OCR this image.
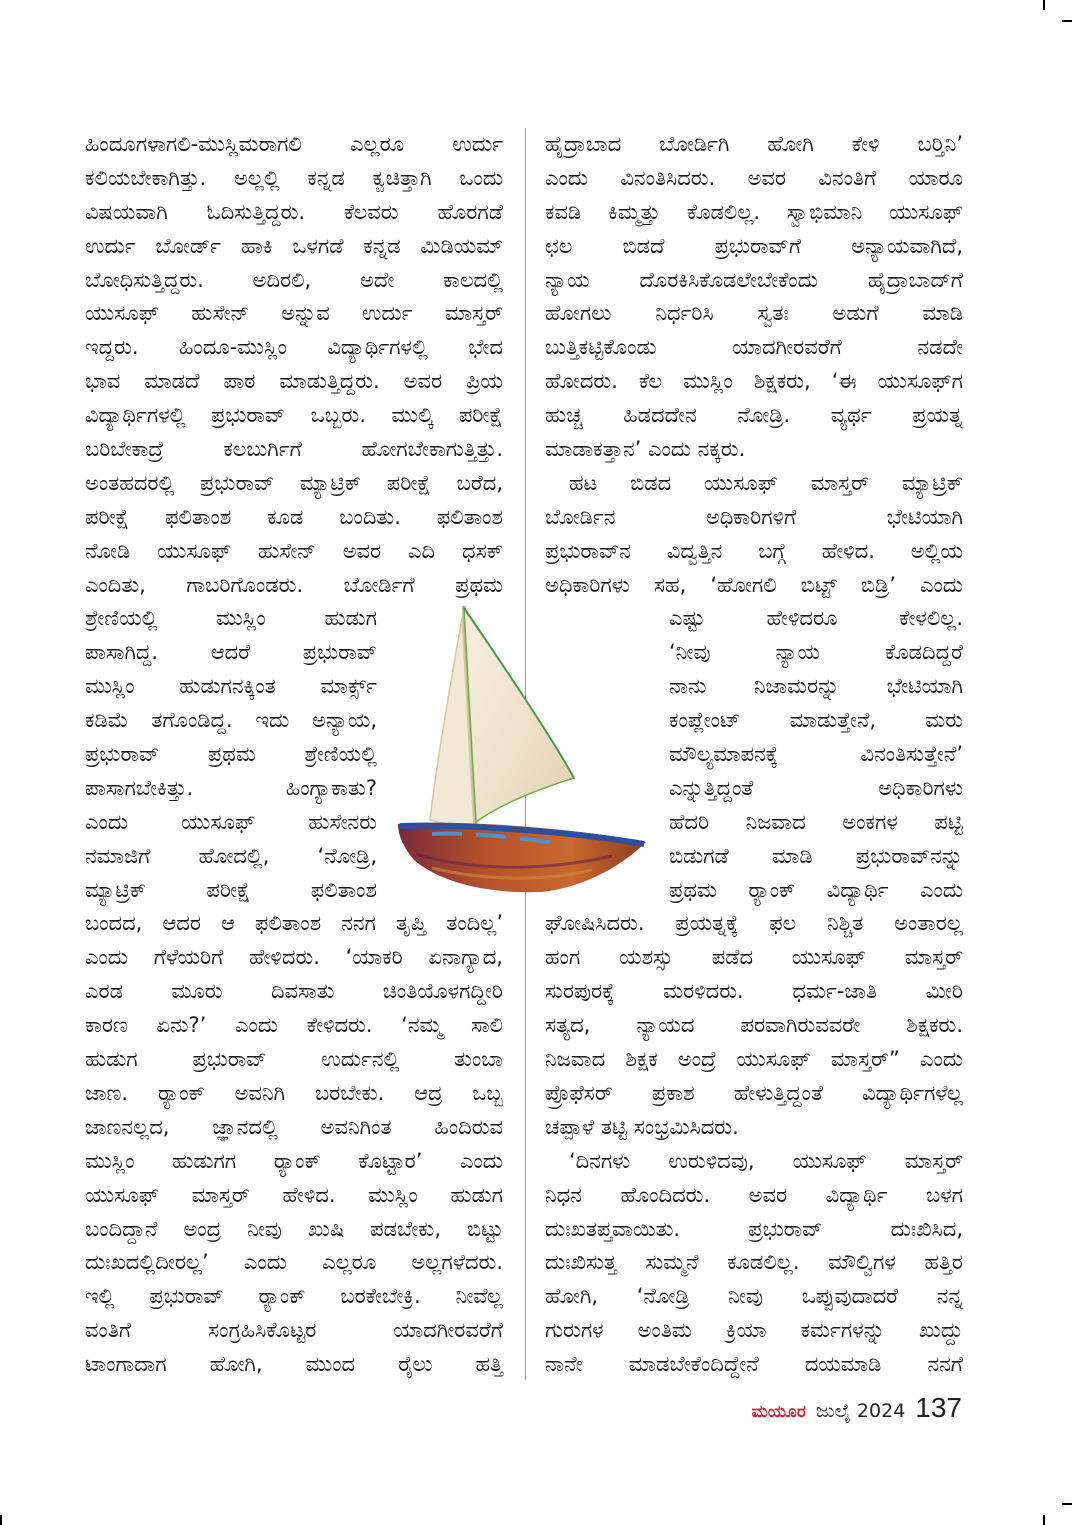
ಹಿಂದೂಗಳಾಗಲಿ-ಮುಸ್ಲಿಮರಾಗಲಿ ಎಲ್ಲರೂ ಉರ್ದು
ಕಲಿಯಬೇಕಾಗಿತ್ತು. ಅಲ್ಲಲ್ಲಿ ಕನ್ನಡ ಕ್ವಚಿತ್ತಾಗಿ ಒಂದು
ವಿಷಯವಾಗಿ ಓದಿಸುತ್ತಿದ್ದರು. ಕೆಲವರು ಹೊರಗಡೆ
ಉರ್ದು ಬೋರ್ಡ್ ಹಾಕಿ ಒಳಗಡೆ ಕನ್ನಡ ಮಿಡಿಯಮ್
ಬೋಧಿಸುತ್ತಿದ್ದರು. ಅದಿರಲಿ, ಅದೇ ಕಾಲದಲ್ಲಿ
ಯುಸೂಫ್ ಹುಸೇನ್ ಅನ್ನುವ ಉರ್ದು ಮಾಸ್ತರ್
ಇದ್ದರು. ಹಿಂದೂ-ಮುಸ್ಲಿಂ ವಿದ್ಯಾರ್ಥಿಗಳಲ್ಲಿ ಭೇದ
ಭಾವ ಮಾಡದೆ ಪಾಠ ಮಾಡುತ್ತಿದ್ದರು. ಅವರ ಪ್ರಿಯ
ವಿದ್ಯಾರ್ಥಿಗಳಲ್ಲಿ ಪ್ರಭುರಾವ್ ಒಬ್ಬರು. ಮುಲ್ಕಿ ಪರೀಕ್ಷೆ
ಬರಿಬೇಕಾದ್ರೆ ಕಲಬುರ್ಗಿಗೆ ಹೋಗಬೇಕಾಗುತ್ತಿತ್ತು.
ಅಂತಹದರಲ್ಲಿ ಪ್ರಭುರಾವ್ ಮ್ಯಾಟ್ರಿಕ್ ಪರೀಕ್ಷೆ ಬರೆದ,
ಪರೀಕ್ಷೆ ಫಲಿತಾಂಶ ಕೂಡ ಬಂದಿತು. ಫಲಿತಾಂಶ
ನೋಡಿ ಯುಸೂಫ್ ಹುಸೇನ್ ಅವರ ಎದಿ ಧಸಕ್
ಎಂದಿತು, ಗಾಬರಿಗೊಂಡರು. ಬೋರ್ಡಿಗೆ ಪ್ರಥಮ
ಶ್ರೇಣಿಯಲ್ಲಿ ಮುಸ್ಲಿಂ ಹುಡುಗ
ಪಾಸಾಗಿದ್ದ. ಆದರೆ ಪ್ರಭುರಾವ್
ಮುಸ್ಲಿಂ ಹುಡುಗನಕ್ಕಿಂತ ಮಾರ್ಕ್ಸ್
ಕಡಿಮೆ ತಗೊಂಡಿದ್ದ. ಇದು ಅನ್ಯಾಯ,
ಪ್ರಭುರಾವ್ ಪ್ರಥಮ ಶ್ರೇಣಿಯಲ್ಲಿ
ಪಾಸಾಗಬೇಕಿತ್ತು. ಹಿಂಗ್ಯಾಕಾತು?
ಎಂದು ಯುಸೂಫ್ ಹುಸೇನರು
ನಮಾಜಿಗೆ ಹೋದಲ್ಲಿ, ‘ನೋಡ್ರಿ,
ಮ್ಯಾಟ್ರಿಕ್ ಪರೀಕ್ಷೆ ಫಲಿತಾಂಶ
ಬಂದದ, ಆದರ ಆ ಫಲಿತಾಂಶ ನನಗ ತೃಪ್ತಿ ತಂದಿಲ್ಲ’
ಎಂದು ಗೆಳೆಯರಿಗೆ ಹೇಳಿದರು. ‘ಯಾಕರಿ ಏನಾಗ್ಯಾದ,
ಎರಡ ಮೂರು ದಿವಸಾತು ಚಿಂತಿಯೊಳಗದ್ದೀರಿ
ಕಾರಣ ಏನು?’ ಎಂದು ಕೇಳಿದರು. ‘ನಮ್ಮ ಸಾಲಿ
ಹುಡುಗ ಪ್ರಭುರಾವ್ ಉರ್ದುನಲ್ಲಿ ತುಂಬಾ
ಜಾಣ. ರ್‍ಯಾಂಕ್ ಅವನಿಗಿ ಬರಬೇಕು. ಆದ್ರ ಒಬ್ಬ
ಜಾಣನಲ್ಲದ, ಜ್ಞಾನದಲ್ಲಿ ಅವನಿಗಿಂತ ಹಿಂದಿರುವ
ಮುಸ್ಲಿಂ ಹುಡುಗಗ ರ್‍ಯಾಂಕ್ ಕೊಟ್ಟಾರ’ ಎಂದು
ಯುಸೂಫ್ ಮಾಸ್ತರ್ ಹೇಳಿದ. ಮುಸ್ಲಿಂ ಹುಡುಗ
ಬಂದಿದ್ದಾನೆ ಅಂದ್ರ ನೀವು ಖುಷಿ ಪಡಬೇಕು, ಬಿಟ್ಟು
ದುಃಖದಲ್ಲಿದೀರಲ್ಲ’ ಎಂದು ಎಲ್ಲರೂ ಅಲ್ಲಗಳೆದರು.
ಇಲ್ಲಿ ಪ್ರಭುರಾವ್ ರ್‍ಯಾಂಕ್ ಬರಕೇಬೇಕ್ರಿ. ನೀವೆಲ್ಲ
ವಂತಿಗೆ ಸಂಗ್ರಹಿಸಿಕೊಟ್ಟರ ಯಾದಗೀರವರೆಗೆ
ಟಾಂಗಾದಾಗ ಹೋಗಿ, ಮುಂದ ರೈಲು ಹತ್ತಿ
ಹೈದ್ರಾಬಾದ ಬೋರ್ಡಿಗಿ ಹೋಗಿ ಕೇಳಿ ಬರ್‍ತಿನಿ’
ಎಂದು ವಿನಂತಿಸಿದರು. ಅವರ ವಿನಂತಿಗೆ ಯಾರೂ
ಕವಡಿ ಕಿಮ್ಮತ್ತು ಕೊಡಲಿಲ್ಲ. ಸ್ವಾಭಿಮಾನಿ ಯುಸೂಫ್
ಛಲ ಬಿಡದೆ ಪ್ರಭುರಾವ್‌ಗೆ ಅನ್ಯಾಯವಾಗಿದೆ,
ನ್ಯಾಯ ದೊರಕಿಸಿಕೊಡಲೇಬೇಕೆಂದು ಹೈದ್ರಾಬಾದ್‌ಗೆ
ಹೋಗಲು ನಿರ್ಧರಿಸಿ ಸ್ವತಃ ಅಡುಗೆ ಮಾಡಿ
ಬುತ್ತಿಕಟ್ಟಿಕೊಂಡು ಯಾದಗೀರವರೆಗೆ ನಡದೇ
ಹೋದರು. ಕೆಲ ಮುಸ್ಲಿಂ ಶಿಕ್ಷಕರು, ‘ಈ ಯುಸೂಫ್‌ಗ
ಹುಚ್ಚ ಹಿಡದದೇನ ನೋಡ್ರಿ. ವ್ಯರ್ಥ ಪ್ರಯತ್ನ
ಮಾಡಾಕತ್ತಾನ’ ಎಂದು ನಕ್ಕರು.
ಹಟ ಬಿಡದ ಯುಸೂಫ್ ಮಾಸ್ತರ್ ಮ್ಯಾಟ್ರಿಕ್
ಬೋರ್ಡಿನ ಅಧಿಕಾರಿಗಳಿಗೆ ಭೇಟಿಯಾಗಿ
ಪ್ರಭುರಾವ್‌ನ ವಿದ್ವತ್ತಿನ ಬಗ್ಗೆ ಹೇಳಿದ. ಅಲ್ಲಿಯ
ಅಧಿಕಾರಿಗಳು ಸಹ, ‘ಹೋಗಲಿ ಬಿಟ್ಟ್ ಬಿಡ್ರಿ’ ಎಂದು
ಎಷ್ಟು ಹೇಳಿದರೂ ಕೇಳಲಿಲ್ಲ.
‘ನೀವು ನ್ಯಾಯ ಕೊಡದಿದ್ದರೆ
ನಾನು ನಿಜಾಮರನ್ನು ಭೇಟಿಯಾಗಿ
ಕಂಪ್ಲೇಂಟ್ ಮಾಡುತ್ತೇನೆ, ಮರು
ಮೌಲ್ಯಮಾಪನಕ್ಕೆ ವಿನಂತಿಸುತ್ತೇನೆ’
ಎನ್ನುತ್ತಿದ್ದಂತೆ ಅಧಿಕಾರಿಗಳು
ಹೆದರಿ ನಿಜವಾದ ಅಂಕಗಳ ಪಟ್ಟಿ
ಬಿಡುಗಡೆ ಮಾಡಿ ಪ್ರಭುರಾವ್‌ನನ್ನು
ಪ್ರಥಮ ರ್‍ಯಾಂಕ್ ವಿದ್ಯಾರ್ಥಿ ಎಂದು
ಘೋಷಿಸಿದರು. ಪ್ರಯತ್ನಕ್ಕೆ ಫಲ ನಿಶ್ಚಿತ ಅಂತಾರಲ್ಲ
ಹಂಗ ಯಶಸ್ಸು ಪಡೆದ ಯುಸೂಫ್ ಮಾಸ್ತರ್
ಸುರಪುರಕ್ಕೆ ಮರಳಿದರು. ಧರ್ಮ-ಜಾತಿ ಮೀರಿ
ಸತ್ಯದ, ನ್ಯಾಯದ ಪರವಾಗಿರುವವರೇ ಶಿಕ್ಷಕರು.
ನಿಜವಾದ ಶಿಕ್ಷಕ ಅಂದ್ರೆ ಯುಸೂಫ್ ಮಾಸ್ತರ್” ಎಂದು
ಪ್ರೊಫೆಸರ್ ಪ್ರಕಾಶ ಹೇಳುತ್ತಿದ್ದಂತೆ ವಿದ್ಯಾರ್ಥಿಗಳೆಲ್ಲ
ಚಪ್ಪಾಳೆ ತಟ್ಟಿ ಸಂಭ್ರಮಿಸಿದರು.
‘ದಿನಗಳು ಉರುಳಿದವು, ಯುಸೂಫ್ ಮಾಸ್ತರ್
ನಿಧನ ಹೊಂದಿದರು. ಅವರ ವಿದ್ಯಾರ್ಥಿ ಬಳಗ
ದುಃಖತಪ್ತವಾಯಿತು. ಪ್ರಭುರಾವ್ ದುಃಖಿಸಿದ,
ದುಃಖಿಸುತ್ತ ಸುಮ್ಮನೆ ಕೂಡಲಿಲ್ಲ. ಮೌಲ್ವಿಗಳ ಹತ್ತಿರ
ಹೋಗಿ, ‘ನೋಡ್ರಿ ನೀವು ಒಪ್ಪುವುದಾದರೆ ನನ್ನ
ಗುರುಗಳ ಅಂತಿಮ ಕ್ರಿಯಾ ಕರ್ಮಗಳನ್ನು ಖುದ್ದು
ನಾನೇ ಮಾಡಬೇಕೆಂದಿದ್ದೇನೆ ದಯಮಾಡಿ ನನಗೆ
ಮಯೂರ ಜುಲೈ 2024 137
